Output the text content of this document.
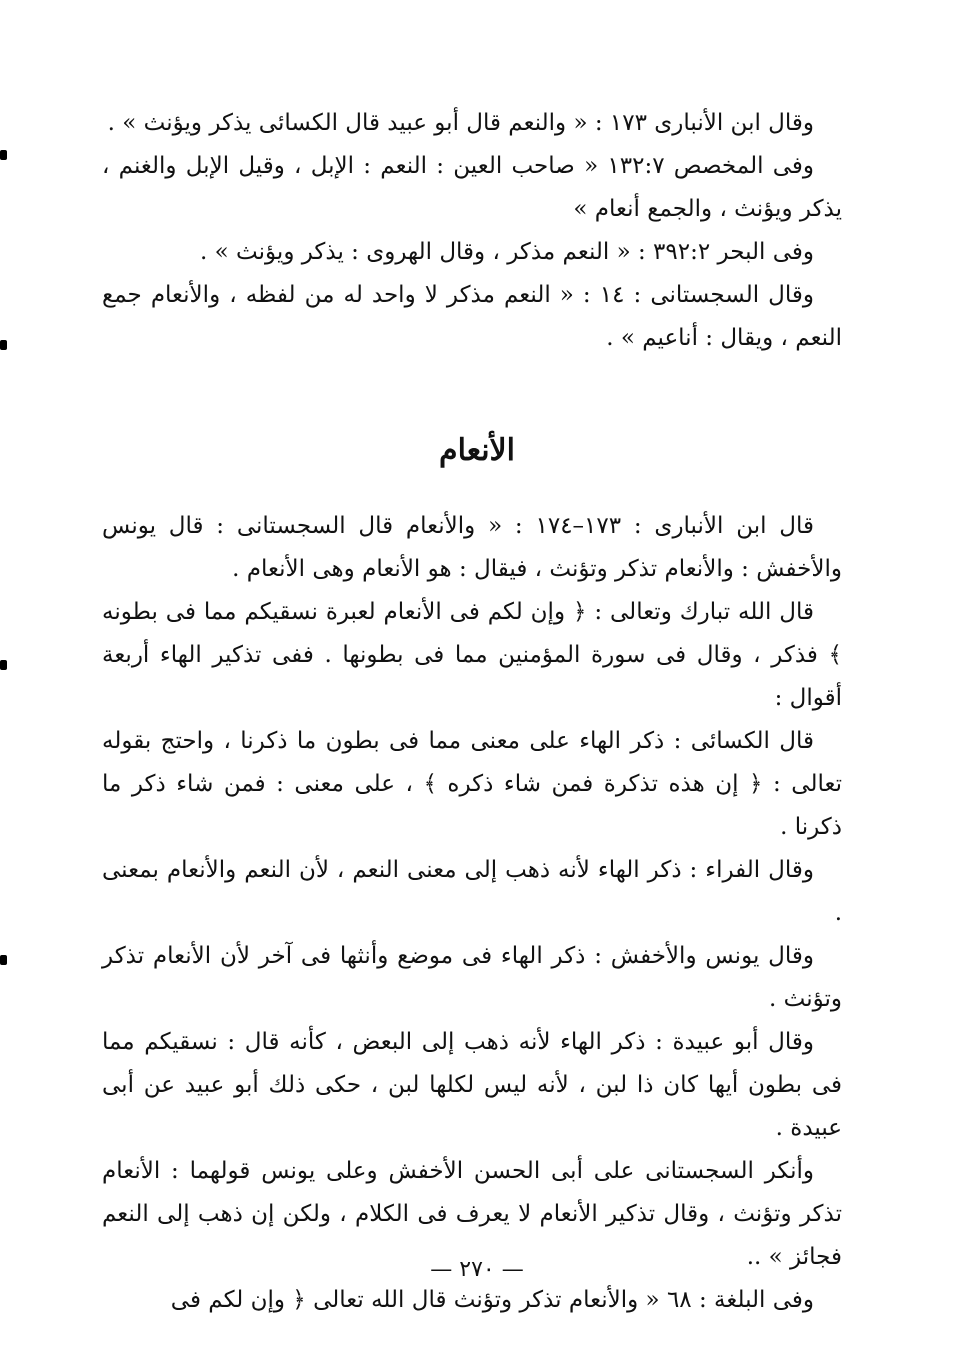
وقال ابن الأنبارى ١٧٣ : « والنعم قال أبو عبيد قال الكسائى يذكر ويؤنث » .

وفى المخصص ١٣٢:٧ « صاحب العين : النعم : الإبل ، وقيل الإبل والغنم ، يذكر ويؤنث ، والجمع أنعام »

وفى البحر ٣٩٢:٢ : « النعم مذكر ، وقال الهروى : يذكر ويؤنث » .

وقال السجستانى : ١٤ : « النعم مذكر لا واحد له من لفظه ، والأنعام جمع النعم ، ويقال : أناعيم » .

الأنعام

قال ابن الأنبارى : ١٧٣–١٧٤ : « والأنعام قال السجستانى : قال يونس والأخفش : والأنعام تذكر وتؤنث ، فيقال : هو الأنعام وهى الأنعام .

قال الله تبارك وتعالى : ﴿ وإن لكم فى الأنعام لعبرة نسقيكم مما فى بطونه ﴾ فذكر ، وقال فى سورة المؤمنين مما فى بطونها . ففى تذكير الهاء أربعة أقوال :

قال الكسائى : ذكر الهاء على معنى مما فى بطون ما ذكرنا ، واحتج بقوله تعالى : ﴿ إن هذه تذكرة فمن شاء ذكره ﴾ ، على معنى : فمن شاء ذكر ما ذكرنا .

وقال الفراء : ذكر الهاء لأنه ذهب إلى معنى النعم ، لأن النعم والأنعام بمعنى .

وقال يونس والأخفش : ذكر الهاء فى موضع وأنثها فى آخر لأن الأنعام تذكر وتؤنث .

وقال أبو عبيدة : ذكر الهاء لأنه ذهب إلى البعض ، كأنه قال : نسقيكم مما فى بطون أيها كان ذا لبن ، لأنه ليس لكلها لبن ، حكى ذلك أبو عبيد عن أبى عبيدة .

وأنكر السجستانى على أبى الحسن الأخفش وعلى يونس قولهما : الأنعام تذكر وتؤنث ، وقال تذكير الأنعام لا يعرف فى الكلام ، ولكن إن ذهب إلى النعم فجائز » ..

وفى البلغة : ٦٨ « والأنعام تذكر وتؤنث قال الله تعالى ﴿ وإن لكم فى

— ٢٧٠ —
